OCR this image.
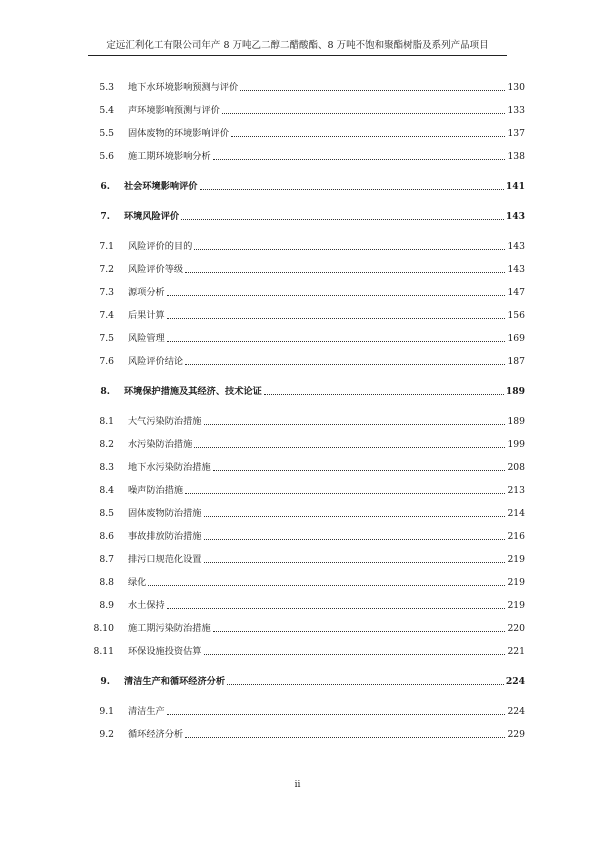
定远汇利化工有限公司年产 8 万吨乙二醇二醋酸酯、8 万吨不饱和聚酯树脂及系列产品项目
5.3 地下水环境影响预测与评价	130
5.4 声环境影响预测与评价	133
5.5 固体废物的环境影响评价	137
5.6 施工期环境影响分析	138
6. 社会环境影响评价	141
7. 环境风险评价	143
7.1 风险评价的目的	143
7.2 风险评价等级	143
7.3 源项分析	147
7.4 后果计算	156
7.5 风险管理	169
7.6 风险评价结论	187
8. 环境保护措施及其经济、技术论证	189
8.1 大气污染防治措施	189
8.2 水污染防治措施	199
8.3 地下水污染防治措施	208
8.4 噪声防治措施	213
8.5 固体废物防治措施	214
8.6 事故排放防治措施	216
8.7 排污口规范化设置	219
8.8 绿化	219
8.9 水土保持	219
8.10 施工期污染防治措施	220
8.11 环保设施投资估算	221
9. 清洁生产和循环经济分析	224
9.1 清洁生产	224
9.2 循环经济分析	229
ii
